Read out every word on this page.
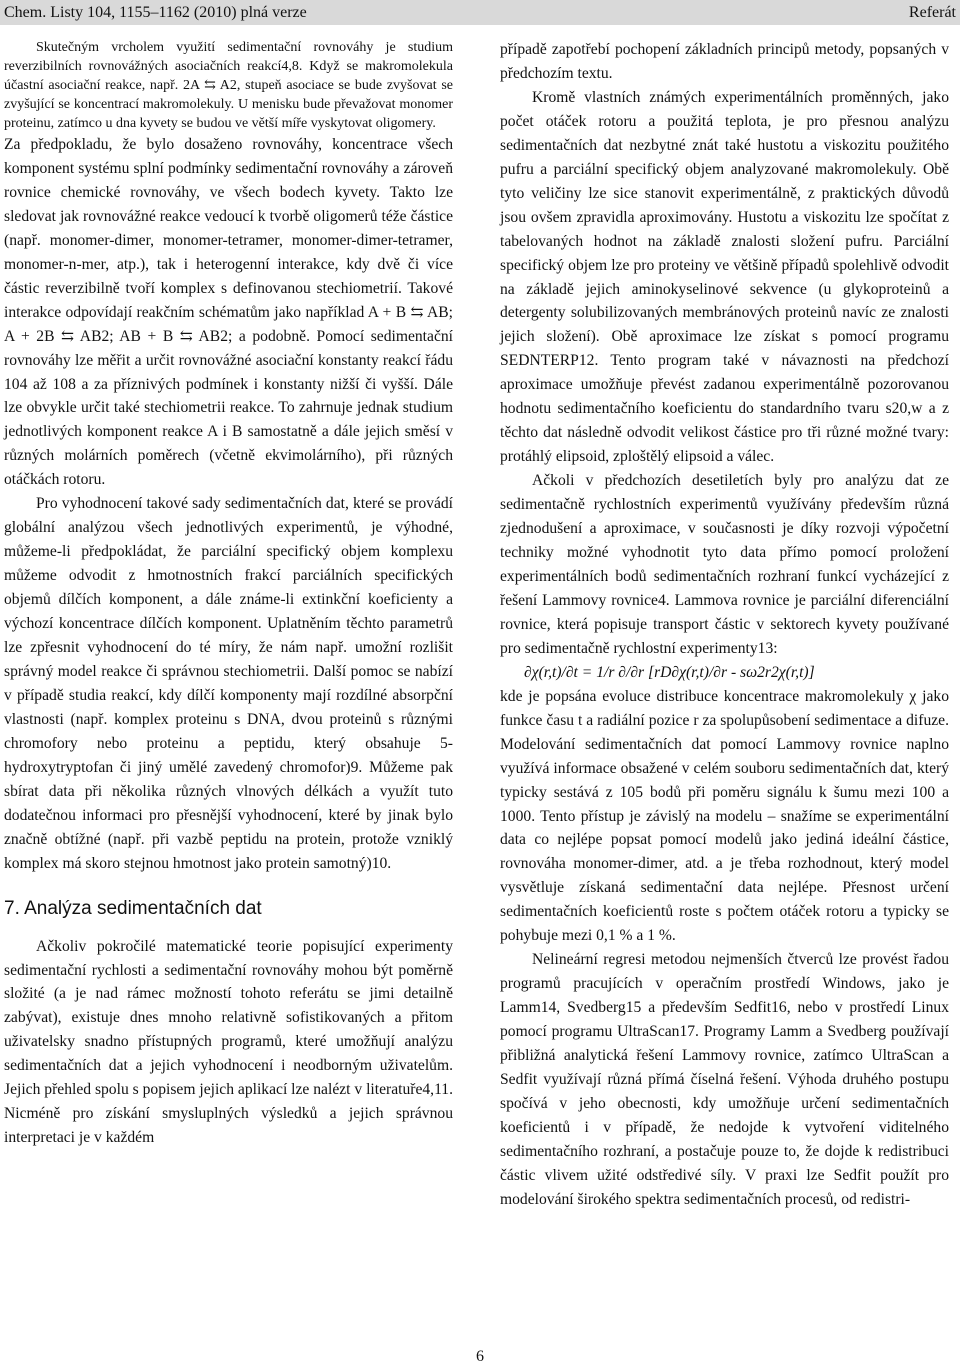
Chem. Listy 104, 1155–1162 (2010) plná verze	Referát

Skutečným vrcholem využití sedimentační rovnováhy je studium reverzibilních rovnovážných asociačních reakcí4,8. Když se makromolekula účastní asociační reakce, např. 2A ⇆ A2, stupeň asociace se bude zvyšovat se zvyšující se koncentrací makromolekuly. U menisku bude převažovat monomer proteinu, zatímco u dna kyvety se budou ve větší míře vyskytovat oligomery.

Za předpokladu, že bylo dosaženo rovnováhy, koncentrace všech komponent systému splní podmínky sedimentační rovnováhy a zároveň rovnice chemické rovnováhy, ve všech bodech kyvety. Takto lze sledovat jak rovnovážné reakce vedoucí k tvorbě oligomerů téže částice (např. monomer-dimer, monomer-tetramer, monomer-dimer-tetramer, monomer-n-mer, atp.), tak i heterogenní interakce, kdy dvě či více částic reverzibilně tvoří komplex s definovanou stechiometrií. Takové interakce odpovídají reakčním schématům jako například A + B ⇆ AB; A + 2B ⇆ AB2; AB + B ⇆ AB2; a podobně. Pomocí sedimentační rovnováhy lze měřit a určit rovnovážné asociační konstanty reakcí řádu 104 až 108 a za příznivých podmínek i konstanty nižší či vyšší. Dále lze obvykle určit také stechiometrii reakce. To zahrnuje jednak studium jednotlivých komponent reakce A i B samostatně a dále jejich směsí v různých molárních poměrech (včetně ekvimolárního), při různých otáčkách rotoru.

Pro vyhodnocení takové sady sedimentačních dat, které se provádí globální analýzou všech jednotlivých experimentů, je výhodné, můžeme-li předpokládat, že parciální specifický objem komplexu můžeme odvodit z hmotnostních frakcí parciálních specifických objemů dílčích komponent, a dále známe-li extinkční koeficienty a výchozí koncentrace dílčích komponent. Uplatněním těchto parametrů lze zpřesnit vyhodnocení do té míry, že nám např. umožní rozlišit správný model reakce či správnou stechiometrii. Další pomoc se nabízí v případě studia reakcí, kdy dílčí komponenty mají rozdílné absorpční vlastnosti (např. komplex proteinu s DNA, dvou proteinů s různými chromofory nebo proteinu a peptidu, který obsahuje 5-hydroxytryptofan či jiný umělé zavedený chromofor)9. Můžeme pak sbírat data při několika různých vlnových délkách a využít tuto dodatečnou informaci pro přesnější vyhodnocení, které by jinak bylo značně obtížné (např. při vazbě peptidu na protein, protože vzniklý komplex má skoro stejnou hmotnost jako protein samotný)10.

7. Analýza sedimentačních dat

Ačkoliv pokročilé matematické teorie popisující experimenty sedimentační rychlosti a sedimentační rovnováhy mohou být poměrně složité (a je nad rámec možností tohoto referátu se jimi detailně zabývat), existuje dnes mnoho relativně sofistikovaných a přitom uživatelsky snadno přístupných programů, které umožňují analýzu sedimentačních dat a jejich vyhodnocení i neodborným uživatelům. Jejich přehled spolu s popisem jejich aplikací lze nalézt v literatuře4,11. Nicméně pro získání smysluplných výsledků a jejich správnou interpretaci je v každém

případě zapotřebí pochopení základních principů metody, popsaných v předchozím textu.

Kromě vlastních známých experimentálních proměnných, jako počet otáček rotoru a použitá teplota, je pro přesnou analýzu sedimentačních dat nezbytné znát také hustotu a viskozitu použitého pufru a parciální specifický objem analyzované makromolekuly. Obě tyto veličiny lze sice stanovit experimentálně, z praktických důvodů jsou ovšem zpravidla aproximovány. Hustotu a viskozitu lze spočítat z tabelovaných hodnot na základě znalosti složení pufru. Parciální specifický objem lze pro proteiny ve většině případů spolehlivě odvodit na základě jejich aminokyselinové sekvence (u glykoproteinů a detergenty solubilizovaných membránových proteinů navíc ze znalosti jejich složení). Obě aproximace lze získat s pomocí programu SEDNTERP12. Tento program také v návaznosti na předchozí aproximace umožňuje převést zadanou experimentálně pozorovanou hodnotu sedimentačního koeficientu do standardního tvaru s20,w a z těchto dat následně odvodit velikost částice pro tři různé možné tvary: protáhlý elipsoid, zploštělý elipsoid a válec.

Ačkoli v předchozích desetiletích byly pro analýzu dat ze sedimentačně rychlostních experimentů využívány především různá zjednodušení a aproximace, v současnosti je díky rozvoji výpočetní techniky možné vyhodnotit tyto data přímo pomocí proložení experimentálních bodů sedimentačních rozhraní funkcí vycházející z řešení Lammovy rovnice4. Lammova rovnice je parciální diferenciální rovnice, která popisuje transport částic v sektorech kyvety používané pro sedimentačně rychlostní experimenty13:

∂χ(r,t)/∂t = 1/r ∂/∂r [rD∂χ(r,t)/∂r - sω2r2χ(r,t)]

kde je popsána evoluce distribuce koncentrace makromolekuly χ jako funkce času t a radiální pozice r za spolupůsobení sedimentace a difuze. Modelování sedimentačních dat pomocí Lammovy rovnice naplno využívá informace obsažené v celém souboru sedimentačních dat, který typicky sestává z 105 bodů při poměru signálu k šumu mezi 100 a 1000. Tento přístup je závislý na modelu – snažíme se experimentální data co nejlépe popsat pomocí modelů jako jediná ideální částice, rovnováha monomer-dimer, atd. a je třeba rozhodnout, který model vysvětluje získaná sedimentační data nejlépe. Přesnost určení sedimentačních koeficientů roste s počtem otáček rotoru a typicky se pohybuje mezi 0,1 % a 1 %.

Nelineární regresi metodou nejmenších čtverců lze provést řadou programů pracujících v operačním prostředí Windows, jako je Lamm14, Svedberg15 a především Sedfit16, nebo v prostředí Linux pomocí programu UltraScan17. Programy Lamm a Svedberg používají přibližná analytická řešení Lammovy rovnice, zatímco UltraScan a Sedfit využívají různá přímá číselná řešení. Výhoda druhého postupu spočívá v jeho obecnosti, kdy umožňuje určení sedimentačních koeficientů i v případě, že nedojde k vytvoření viditelného sedimentačního rozhraní, a postačuje pouze to, že dojde k redistribuci částic vlivem užité odstředivé síly. V praxi lze Sedfit použít pro modelování širokého spektra sedimentačních procesů, od redistri-

6
